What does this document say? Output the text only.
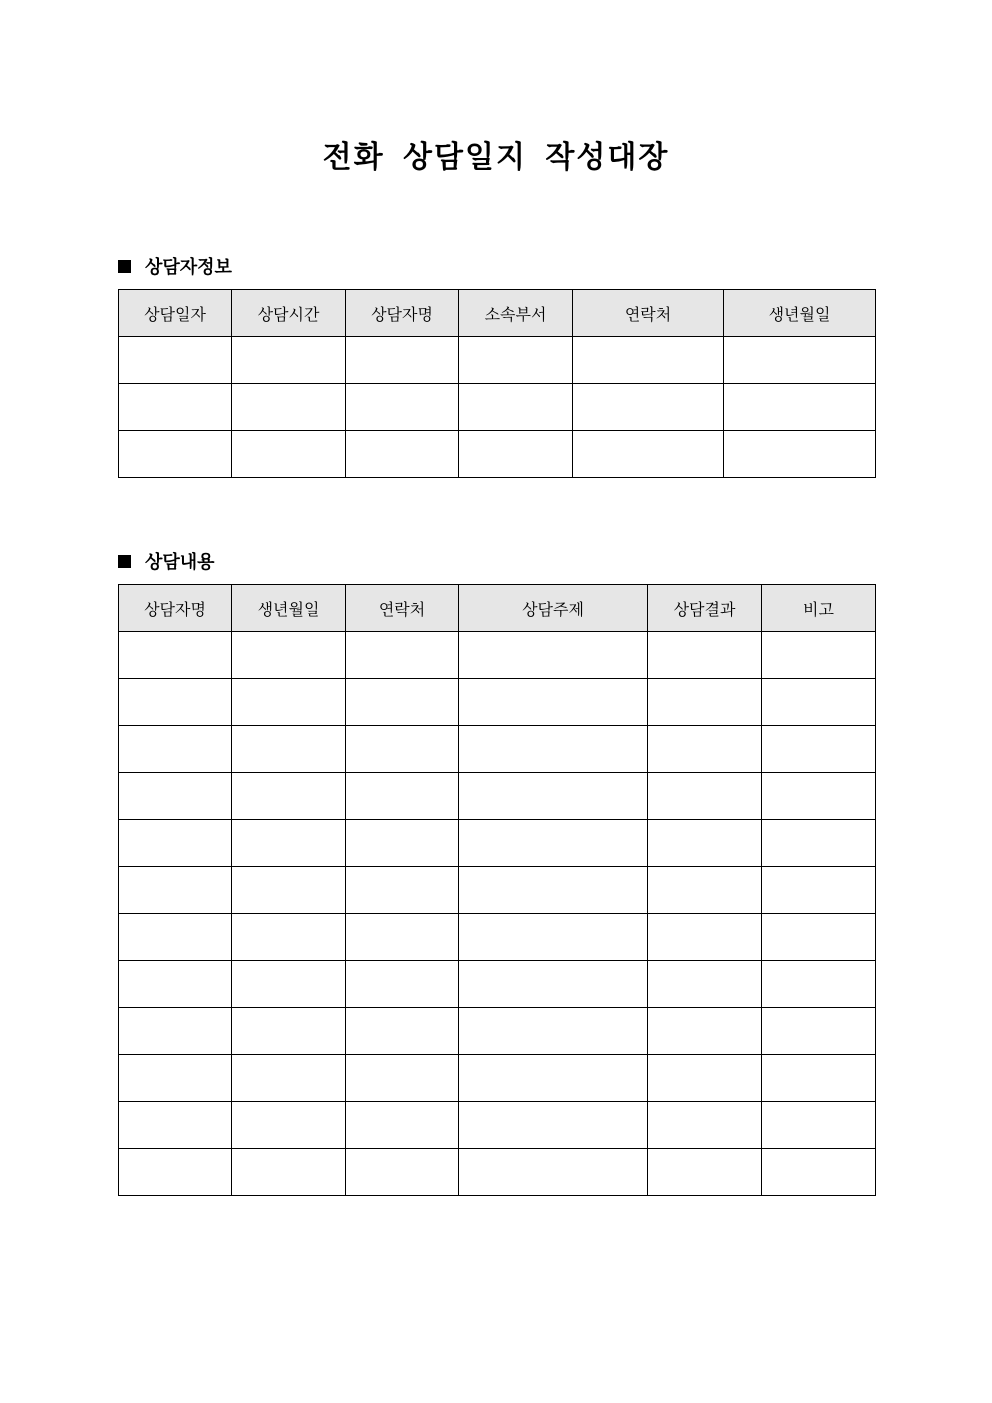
전화 상담일지 작성대장
상담자정보
상담일자	상담시간	상담자명	소속부서	연락처	생년월일

상담내용
상담자명	생년월일	연락처	상담주제	상담결과	비고
